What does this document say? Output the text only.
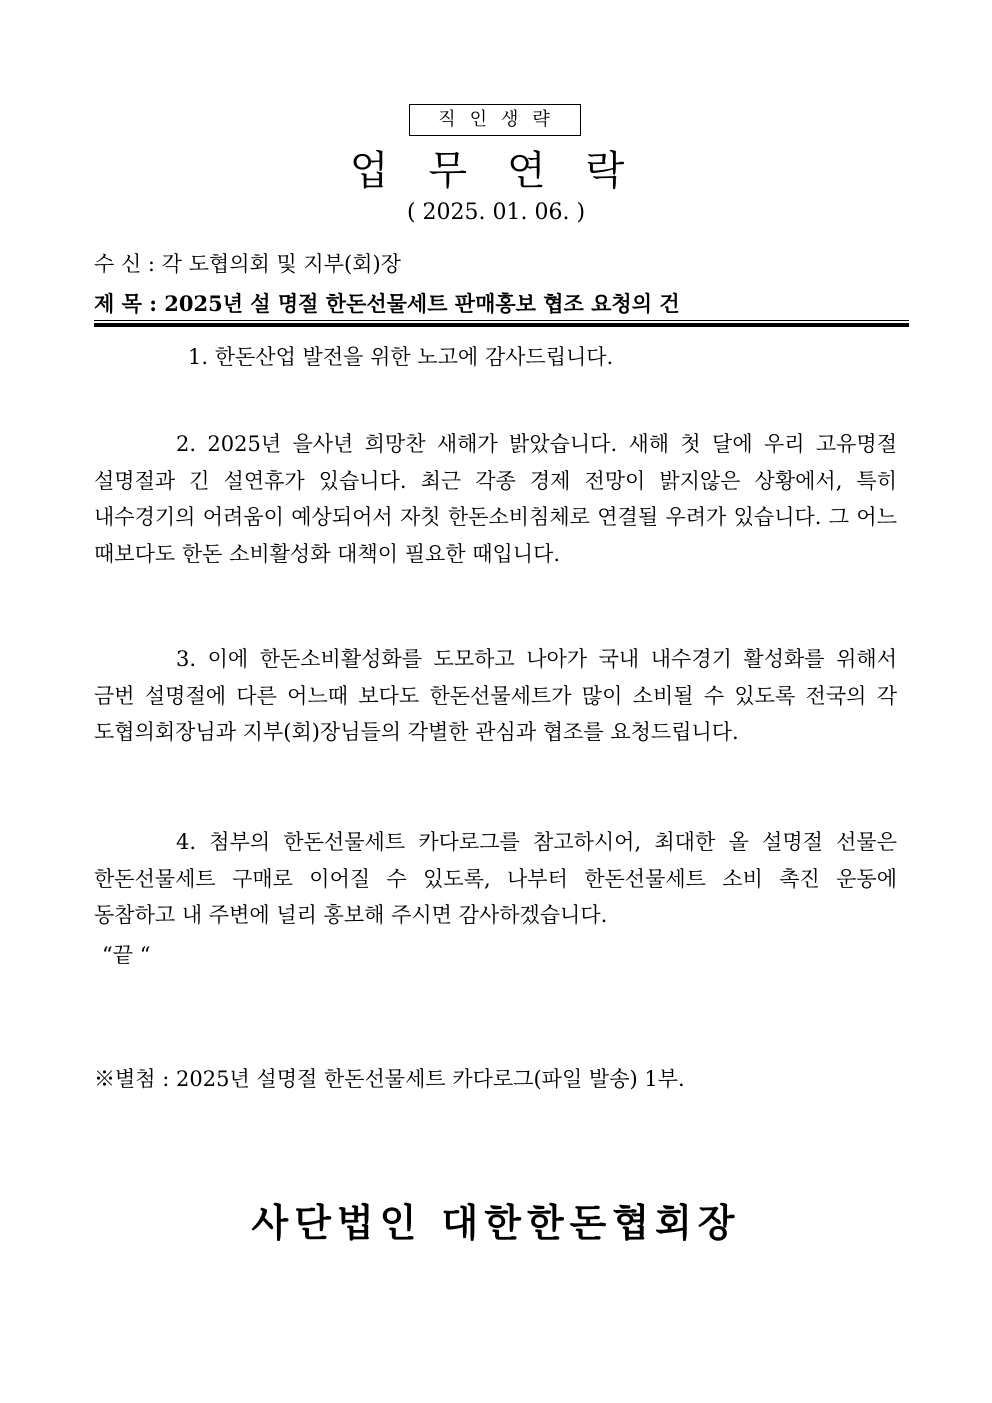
직인생략
업무연락
( 2025. 01. 06. )
수 신 : 각 도협의회 및 지부(회)장
제 목 : 2025년 설 명절 한돈선물세트 판매홍보 협조 요청의 건
1. 한돈산업 발전을 위한 노고에 감사드립니다.
2. 2025년 을사년 희망찬 새해가 밝았습니다. 새해 첫 달에 우리 고유명절 설명절과 긴 설연휴가 있습니다. 최근 각종 경제 전망이 밝지않은 상황에서, 특히 내수경기의 어려움이 예상되어서 자칫 한돈소비침체로 연결될 우려가 있습니다. 그 어느 때보다도 한돈 소비활성화 대책이 필요한 때입니다.
3. 이에 한돈소비활성화를 도모하고 나아가 국내 내수경기 활성화를 위해서 금번 설명절에 다른 어느때 보다도 한돈선물세트가 많이 소비될 수 있도록 전국의 각 도협의회장님과 지부(회)장님들의 각별한 관심과 협조를 요청드립니다.
4. 첨부의 한돈선물세트 카다로그를 참고하시어, 최대한 올 설명절 선물은 한돈선물세트 구매로 이어질 수 있도록, 나부터 한돈선물세트 소비 촉진 운동에 동참하고 내 주변에 널리 홍보해 주시면 감사하겠습니다.
“끝 “
※별첨 : 2025년 설명절 한돈선물세트 카다로그(파일 발송) 1부.
사단법인 대한한돈협회장
